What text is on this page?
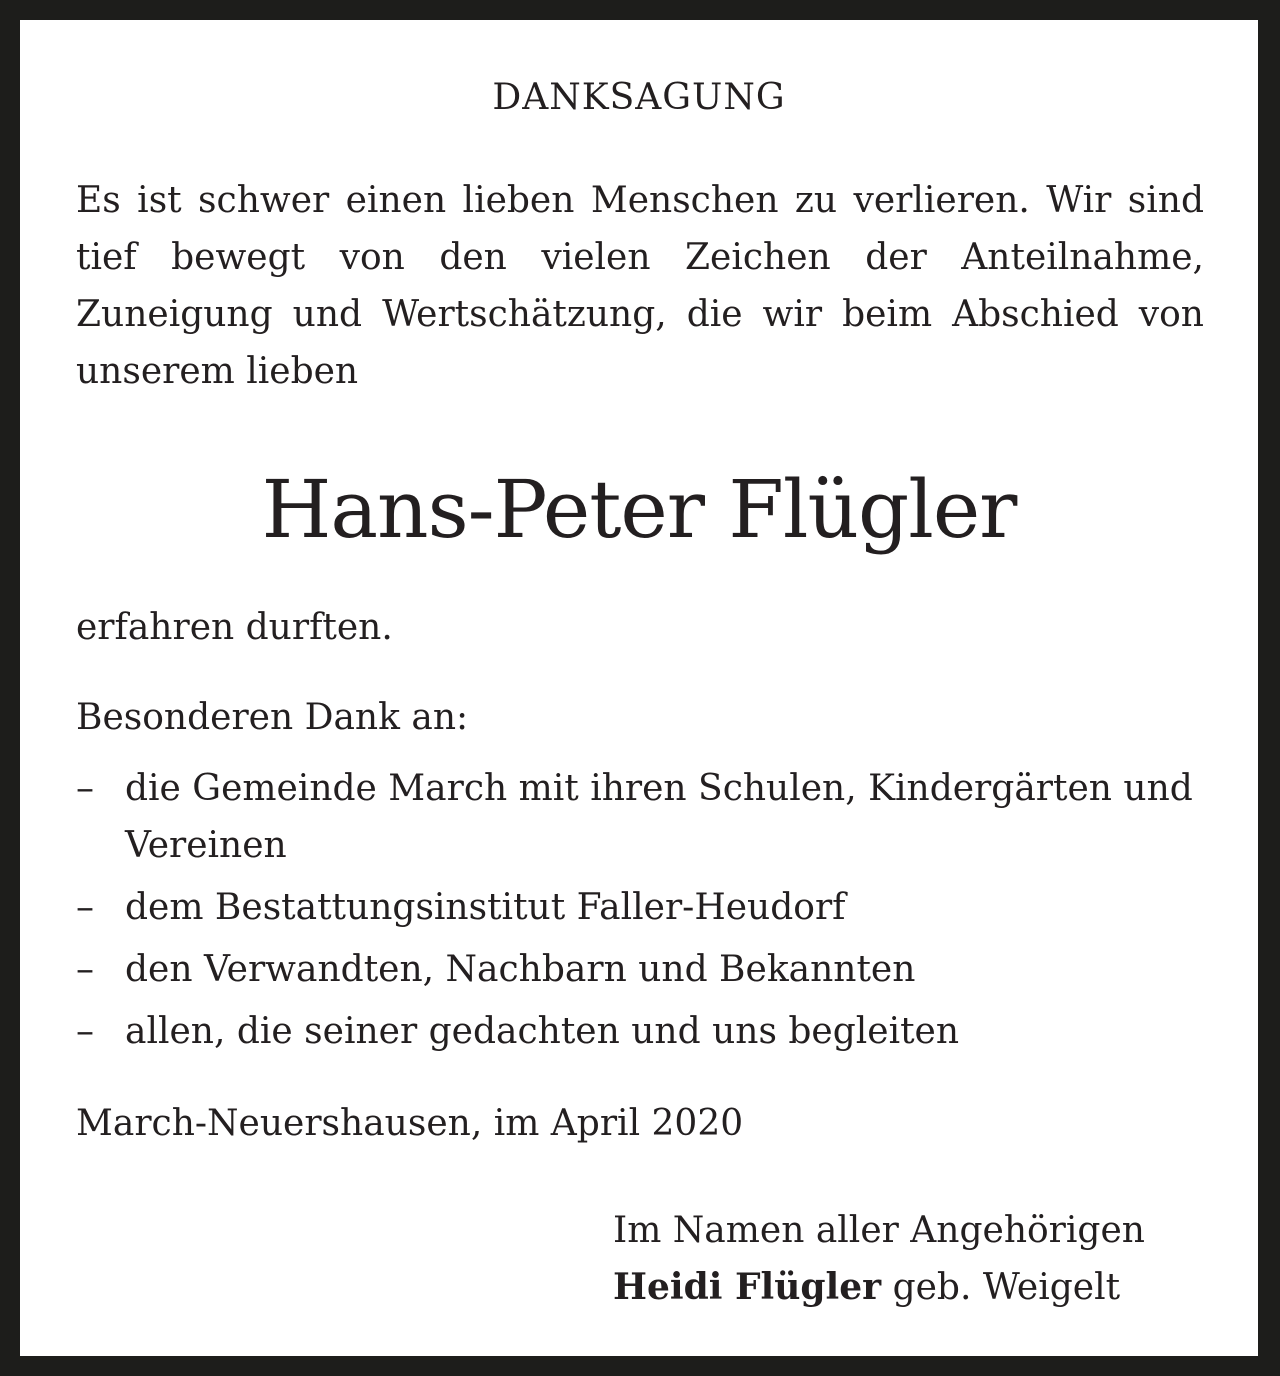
DANKSAGUNG
Es ist schwer einen lieben Menschen zu verlieren. Wir sind tief bewegt von den vielen Zeichen der Anteilnahme, Zuneigung und Wertschätzung, die wir beim Abschied von unserem lieben
Hans-Peter Flügler
erfahren durften.
Besonderen Dank an:
– die Gemeinde March mit ihren Schulen, Kindergärten und Vereinen
– dem Bestattungsinstitut Faller-Heudorf
– den Verwandten, Nachbarn und Bekannten
– allen, die seiner gedachten und uns begleiten
March-Neuershausen, im April 2020
Im Namen aller Angehörigen
Heidi Flügler geb. Weigelt
